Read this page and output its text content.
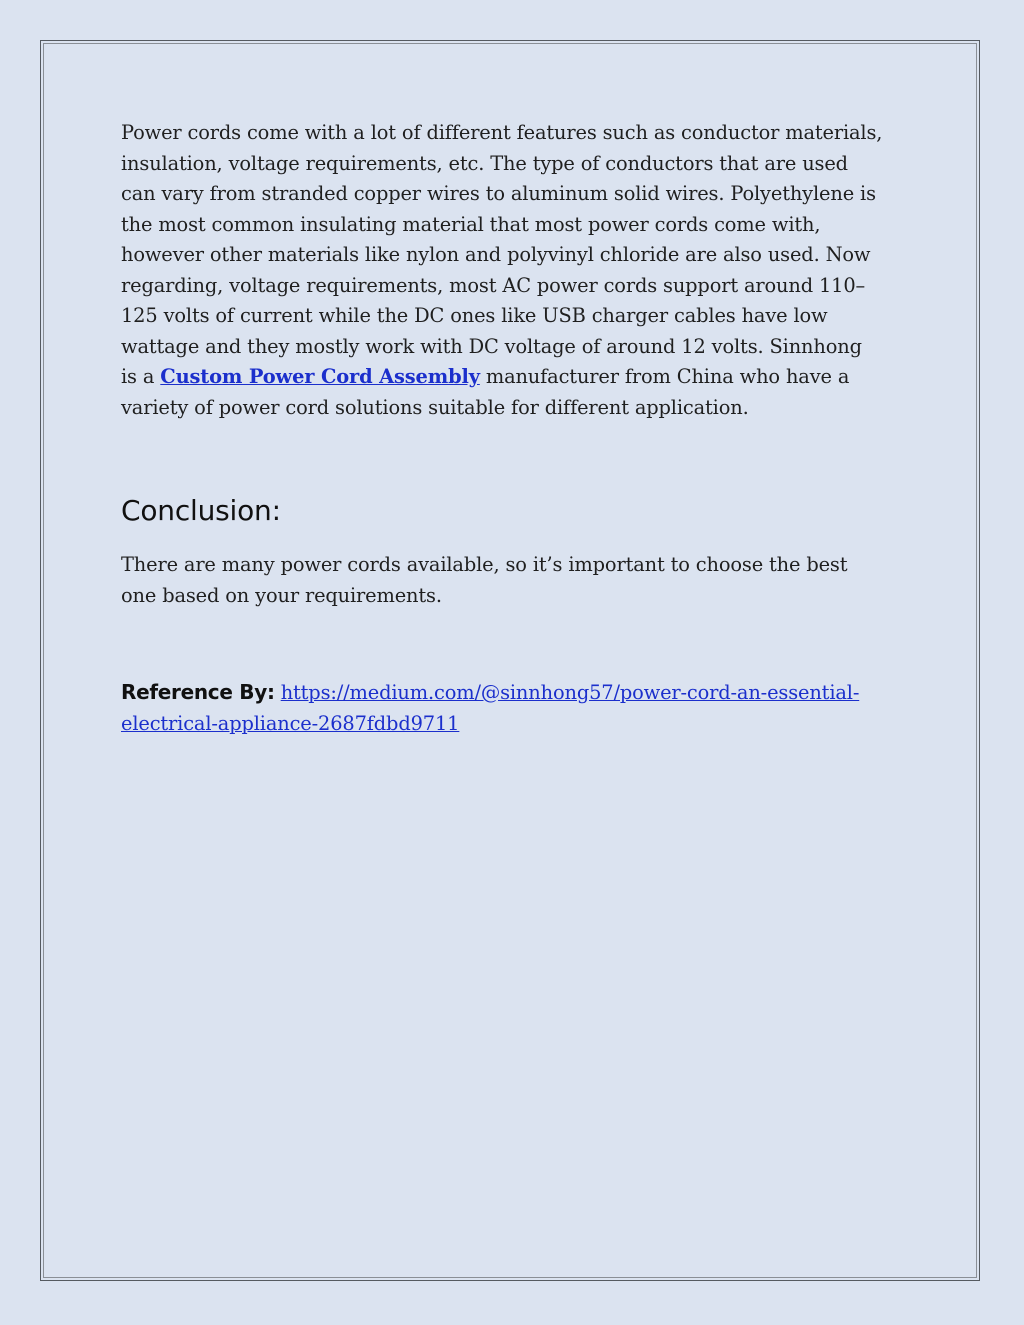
Power cords come with a lot of different features such as conductor materials, insulation, voltage requirements, etc. The type of conductors that are used can vary from stranded copper wires to aluminum solid wires. Polyethylene is the most common insulating material that most power cords come with, however other materials like nylon and polyvinyl chloride are also used. Now regarding, voltage requirements, most AC power cords support around 110–125 volts of current while the DC ones like USB charger cables have low wattage and they mostly work with DC voltage of around 12 volts. Sinnhong is a Custom Power Cord Assembly manufacturer from China who have a variety of power cord solutions suitable for different application.

Conclusion:

There are many power cords available, so it’s important to choose the best one based on your requirements.

Reference By: https://medium.com/@sinnhong57/power-cord-an-essential-electrical-appliance-2687fdbd9711
